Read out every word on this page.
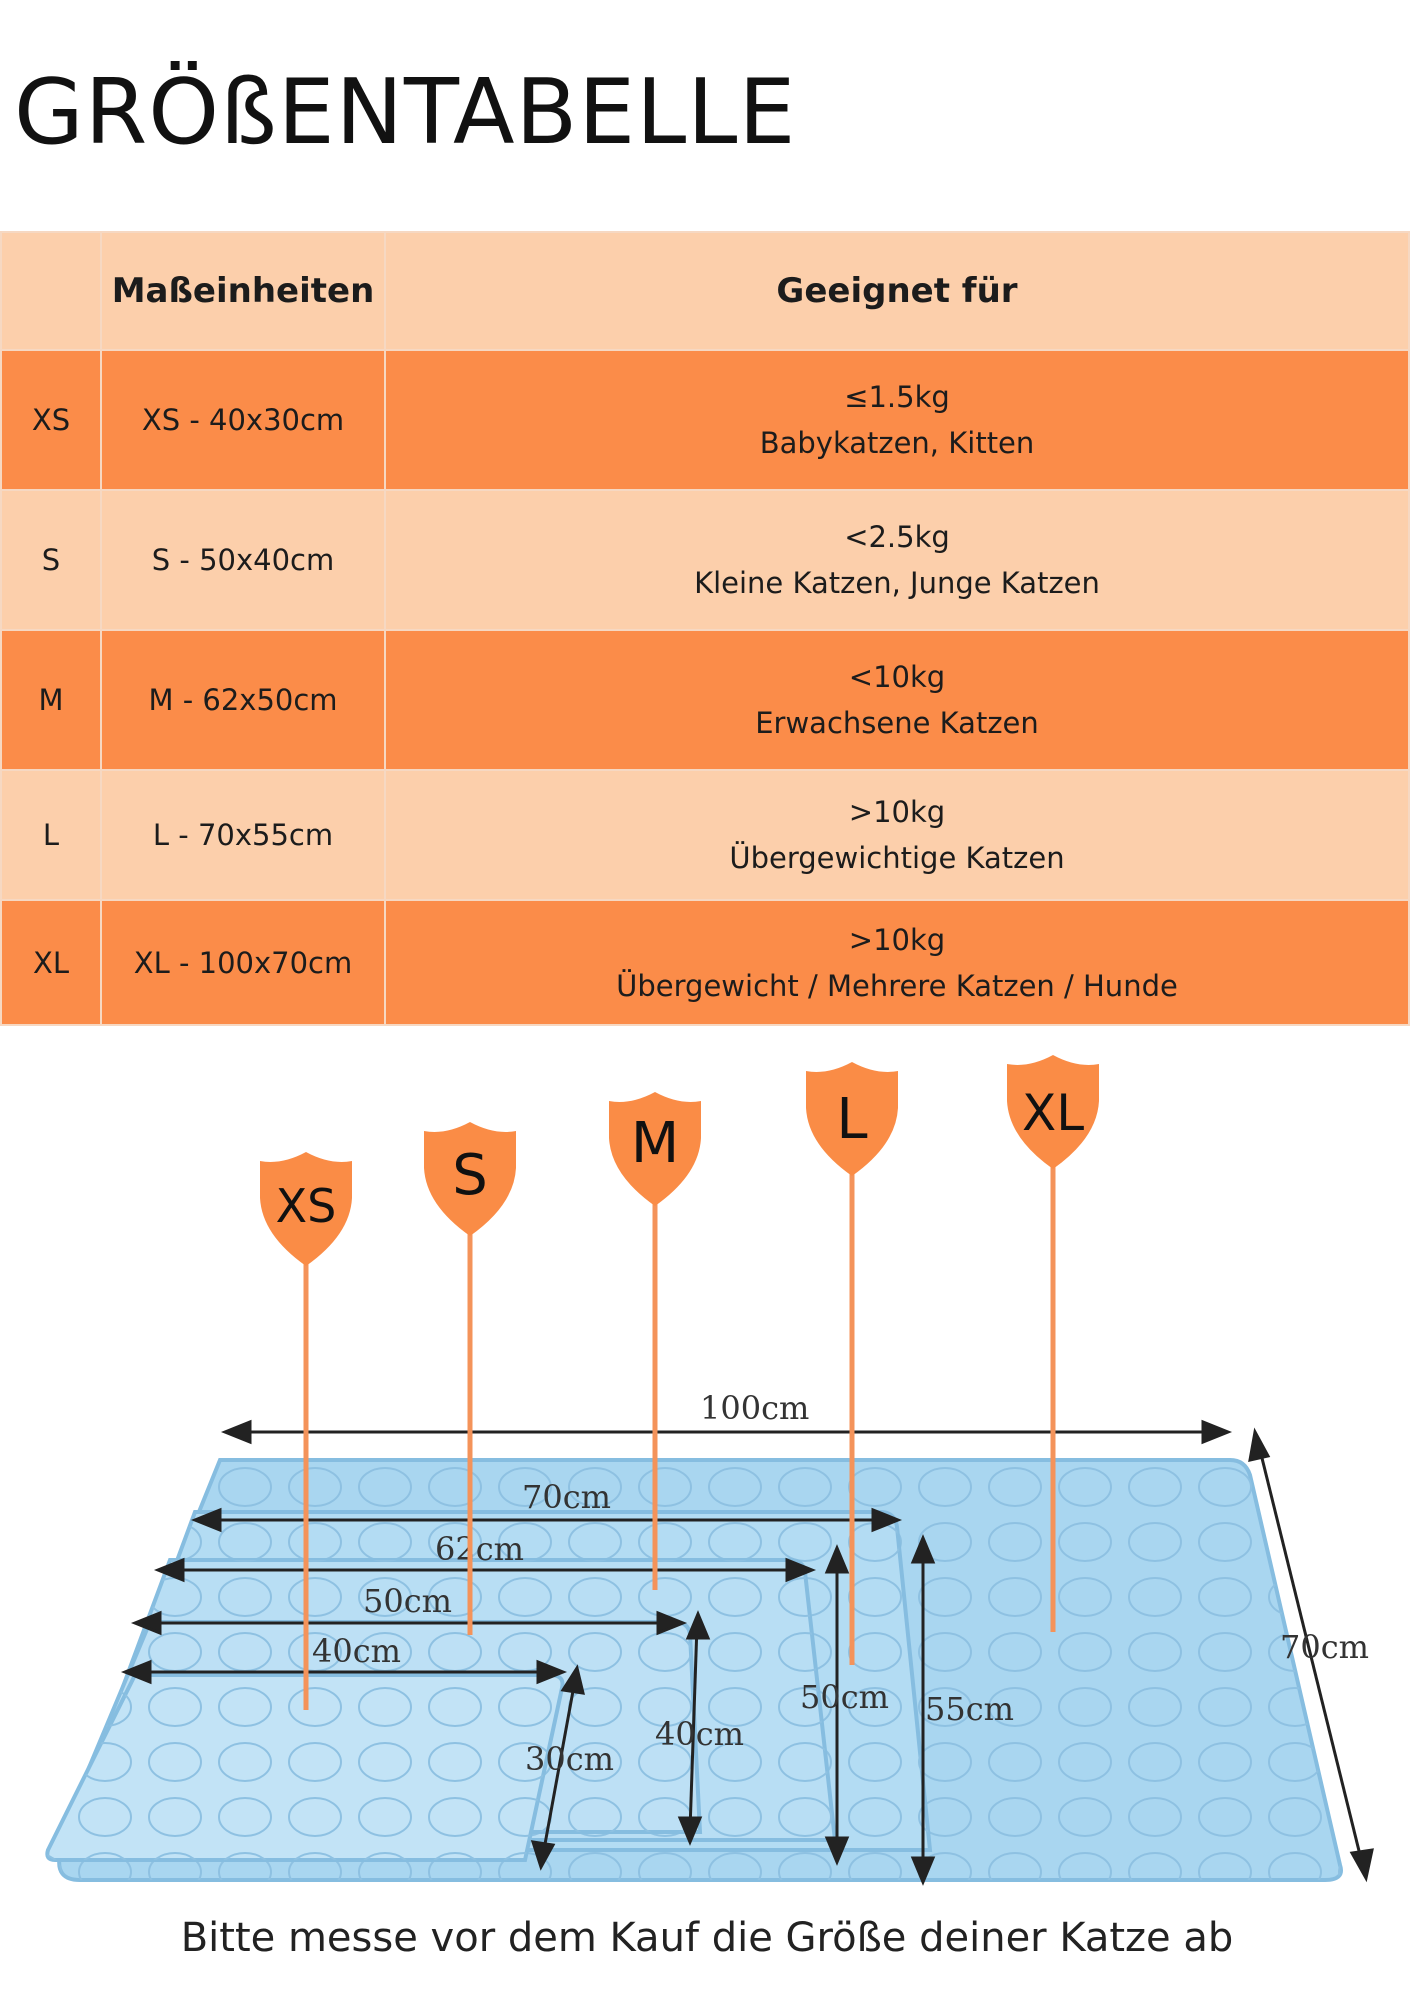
GRÖßENTABELLE
	Maßeinheiten	Geeignet für
XS	XS - 40x30cm	≤1.5kg
Babykatzen, Kitten

S	S - 50x40cm	<2.5kg
Kleine Katzen, Junge Katzen

M	M - 62x50cm	<10kg
Erwachsene Katzen

L	L - 70x55cm	>10kg
Übergewichtige Katzen

XL	XL - 100x70cm	>10kg
Übergewicht / Mehrere Katzen / Hunde
100cm
70cm
62cm
50cm
40cm	70cm
55cm
50cm
40cm
30cm
XS S	M	L	XL
Bitte messe vor dem Kauf die Größe deiner Katze ab
